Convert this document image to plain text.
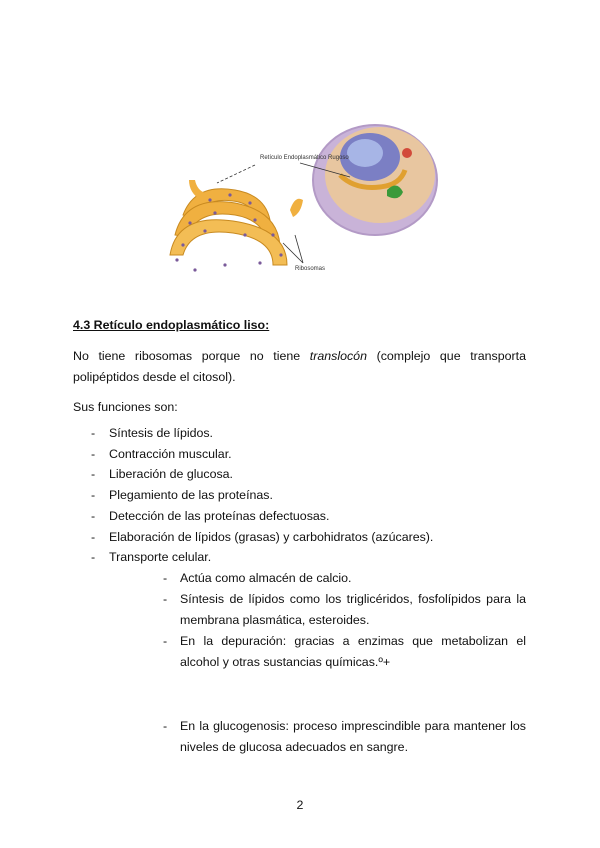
Retículo Endoplasmático Rugoso
Ribosomas
4.3 Retículo endoplasmático liso:

No tiene ribosomas porque no tiene translocón (complejo que transporta polipéptidos desde el citosol).

Sus funciones son:

- Síntesis de lípidos.
- Contracción muscular.
- Liberación de glucosa.
- Plegamiento de las proteínas.
- Detección de las proteínas defectuosas.
- Elaboración de lípidos (grasas) y carbohidratos (azúcares).
- Transporte celular.
- Actúa como almacén de calcio.
- Síntesis de lípidos como los triglicéridos, fosfolípidos para la membrana plasmática, esteroides.
- En la depuración: gracias a enzimas que metabolizan el alcohol y otras sustancias químicas.º+
- En la glucogenosis: proceso imprescindible para mantener los niveles de glucosa adecuados en sangre.

2
